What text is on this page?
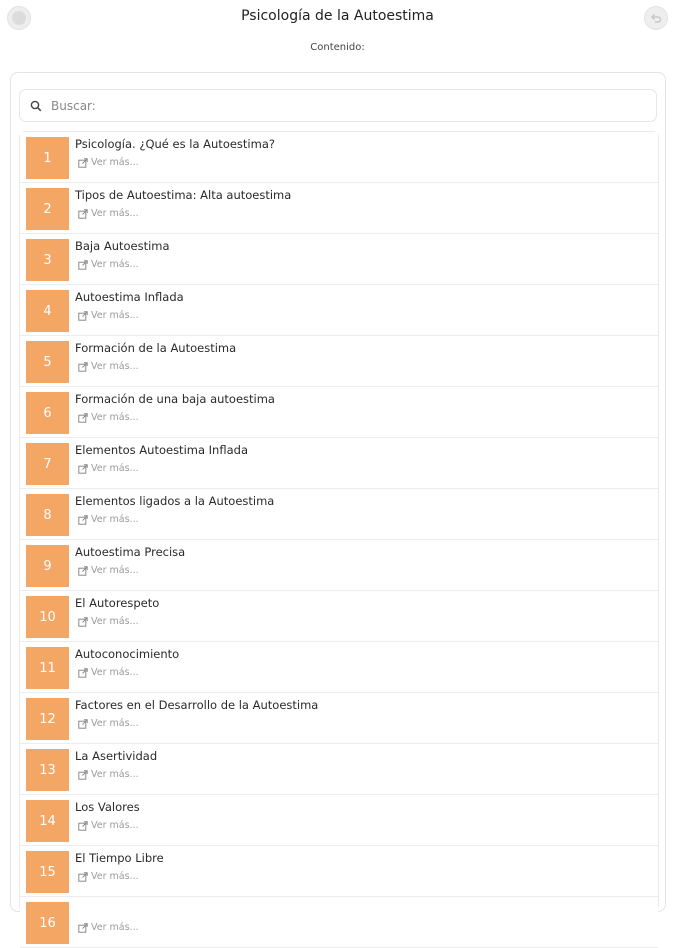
Psicología de la Autoestima
Contenido:
Buscar:
1
Psicología. ¿Qué es la Autoestima?
Ver más...
2
Tipos de Autoestima: Alta autoestima
Ver más...
3
Baja Autoestima
Ver más...
4
Autoestima Inflada
Ver más...
5
Formación de la Autoestima
Ver más...
6
Formación de una baja autoestima
Ver más...
7
Elementos Autoestima Inflada
Ver más...
8
Elementos ligados a la Autoestima
Ver más...
9
Autoestima Precisa
Ver más...
10
El Autorespeto
Ver más...
11
Autoconocimiento
Ver más...
12
Factores en el Desarrollo de la Autoestima
Ver más...
13
La Asertividad
Ver más...
14
Los Valores
Ver más...
15
El Tiempo Libre
Ver más...
16	Ver más...
